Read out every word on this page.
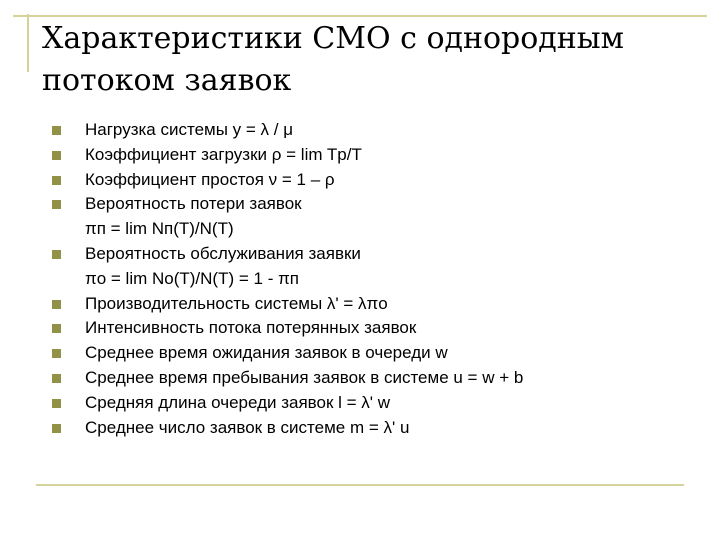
Характеристики СМО с однородным
потоком заявок
Нагрузка системы y = λ / μ
Коэффициент загрузки ρ = lim Tр/T
Коэффициент простоя ν = 1 – ρ
Вероятность потери заявок
πп = lim Nп(T)/N(T)
Вероятность обслуживания заявки
πо = lim Nо(T)/N(T) = 1 - πп
Производительность системы λ' = λπо
Интенсивность потока потерянных заявок
Среднее время ожидания заявок в очереди w
Среднее время пребывания заявок в системе u = w + b
Средняя длина очереди заявок l = λ' w
Среднее число заявок в системе m = λ' u
